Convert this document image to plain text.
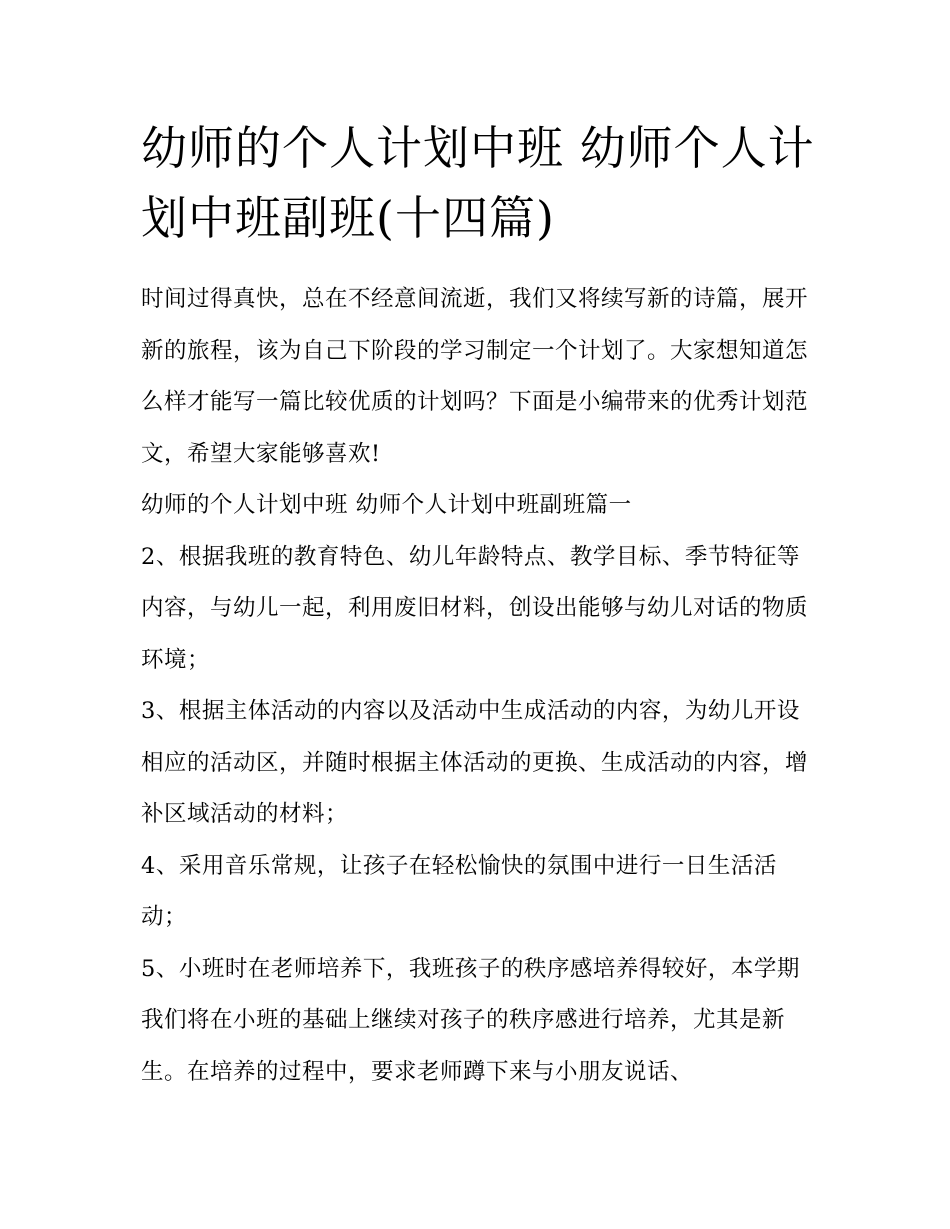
幼师的个人计划中班 幼师个人计划中班副班(十四篇)

时间过得真快，总在不经意间流逝，我们又将续写新的诗篇，展开新的旅程，该为自己下阶段的学习制定一个计划了。大家想知道怎么样才能写一篇比较优质的计划吗？下面是小编带来的优秀计划范文，希望大家能够喜欢!

幼师的个人计划中班 幼师个人计划中班副班篇一

2、根据我班的教育特色、幼儿年龄特点、教学目标、季节特征等内容，与幼儿一起，利用废旧材料，创设出能够与幼儿对话的物质环境；

3、根据主体活动的内容以及活动中生成活动的内容，为幼儿开设相应的活动区，并随时根据主体活动的更换、生成活动的内容，增补区域活动的材料；

4、采用音乐常规，让孩子在轻松愉快的氛围中进行一日生活活动；

5、小班时在老师培养下，我班孩子的秩序感培养得较好，本学期我们将在小班的基础上继续对孩子的秩序感进行培养，尤其是新生。在培养的过程中，要求老师蹲下来与小朋友说话、
